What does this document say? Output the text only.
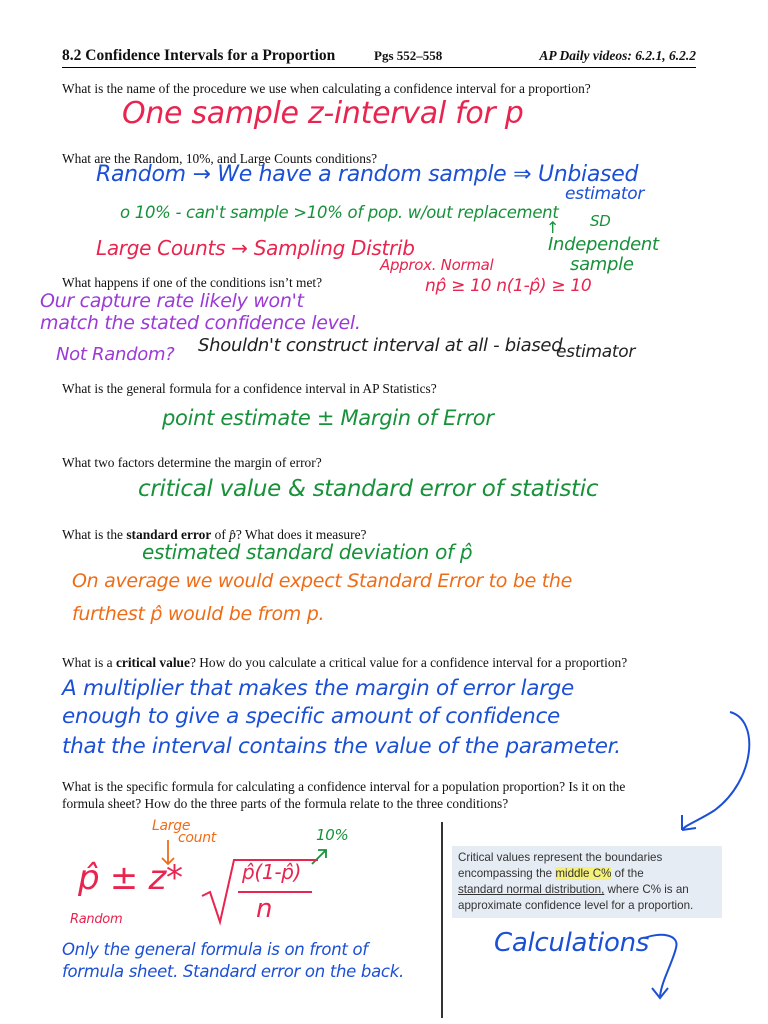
8.2 Confidence Intervals for a Proportion	Pgs 552–558	AP Daily videos: 6.2.1, 6.2.2
What is the name of the procedure we use when calculating a confidence interval for a proportion?
One sample z-interval for p
What are the Random, 10%, and Large Counts conditions?
Random → We have a random sample ⇒ Unbiased
estimator
o 10% - can't sample >10% of pop. w/out replacement SD
↑
Independent
sample
Large Counts → Sampling Distrib
Approx. Normal
np̂ ≥ 10 n(1-p̂) ≥ 10
What happens if one of the conditions isn’t met?
Our capture rate likely won't
match the stated confidence level.
Not Random? Shouldn't construct interval at all - biased
estimator
What is the general formula for a confidence interval in AP Statistics?
point estimate ± Margin of Error
What two factors determine the margin of error?
critical value & standard error of statistic
What is the standard error of p̂? What does it measure?
estimated standard deviation of p̂
On average we would expect Standard Error to be the
furthest p̂ would be from p.
What is a critical value? How do you calculate a critical value for a confidence interval for a proportion?
A multiplier that makes the margin of error large
enough to give a specific amount of confidence
that the interval contains the value of the parameter.
What is the specific formula for calculating a confidence interval for a population proportion? Is it on the
formula sheet? How do the three parts of the formula relate to the three conditions?
Large
count	10%
p̂ ± z*	p̂(1-p̂)
n
Random
Only the general formula is on front of
formula sheet. Standard error on the back.
Critical values represent the boundaries
encompassing the middle C% of the
standard normal distribution, where C% is an
approximate confidence level for a proportion.
Calculations
